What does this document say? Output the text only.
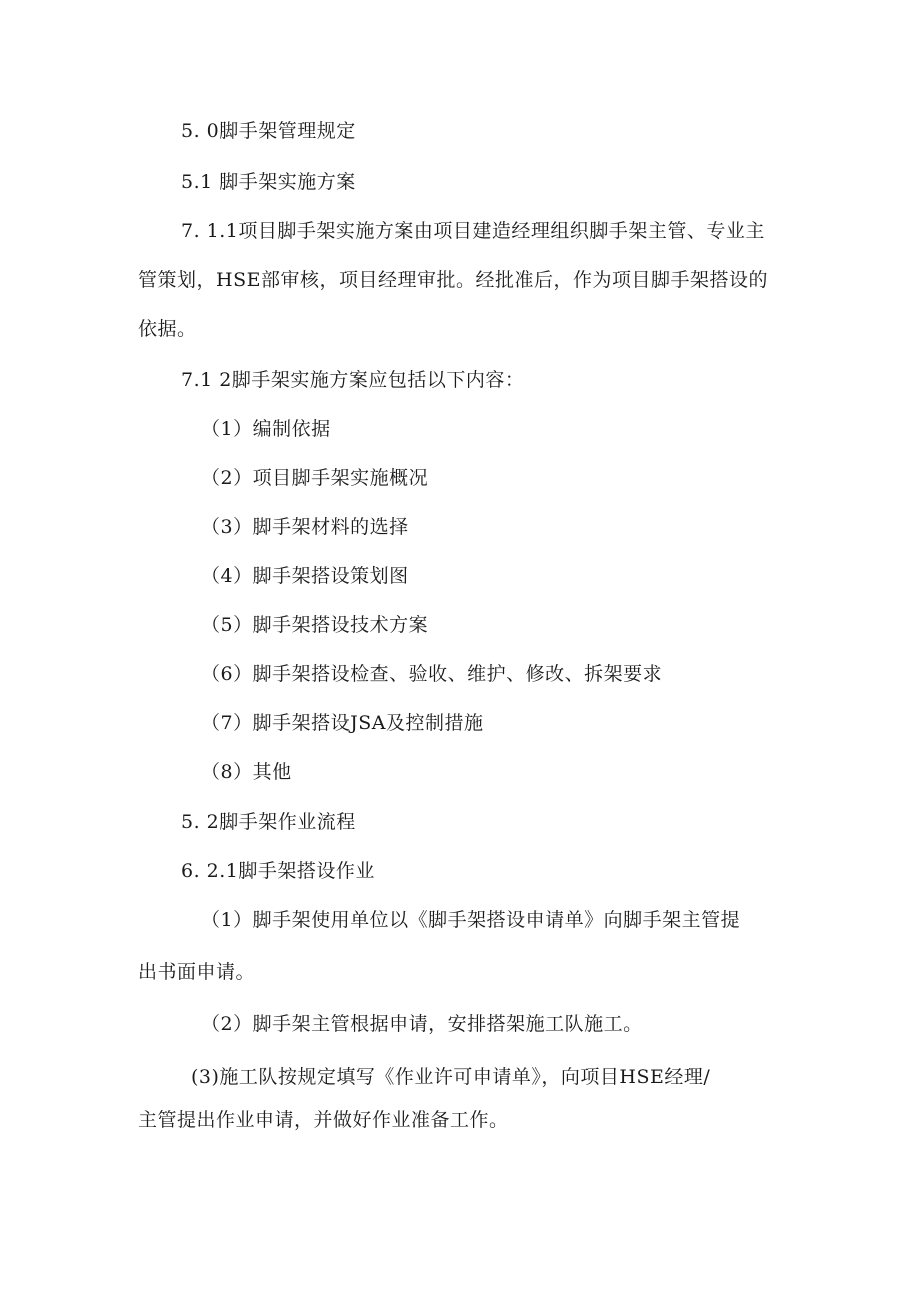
5. 0脚手架管理规定
5.1 脚手架实施方案
7. 1.1项目脚手架实施方案由项目建造经理组织脚手架主管、专业主
管策划，HSE部审核，项目经理审批。经批准后，作为项目脚手架搭设的
依据。
7.1 2脚手架实施方案应包括以下内容：
（1）编制依据
（2）项目脚手架实施概况
（3）脚手架材料的选择
（4）脚手架搭设策划图
（5）脚手架搭设技术方案
（6）脚手架搭设检查、验收、维护、修改、拆架要求
（7）脚手架搭设JSA及控制措施
（8）其他
5. 2脚手架作业流程
6. 2.1脚手架搭设作业
（1）脚手架使用单位以《脚手架搭设申请单》向脚手架主管提
出书面申请。
（2）脚手架主管根据申请，安排搭架施工队施工。
(3)施工队按规定填写《作业许可申请单》，向项目HSE经理/
主管提出作业申请，并做好作业准备工作。
